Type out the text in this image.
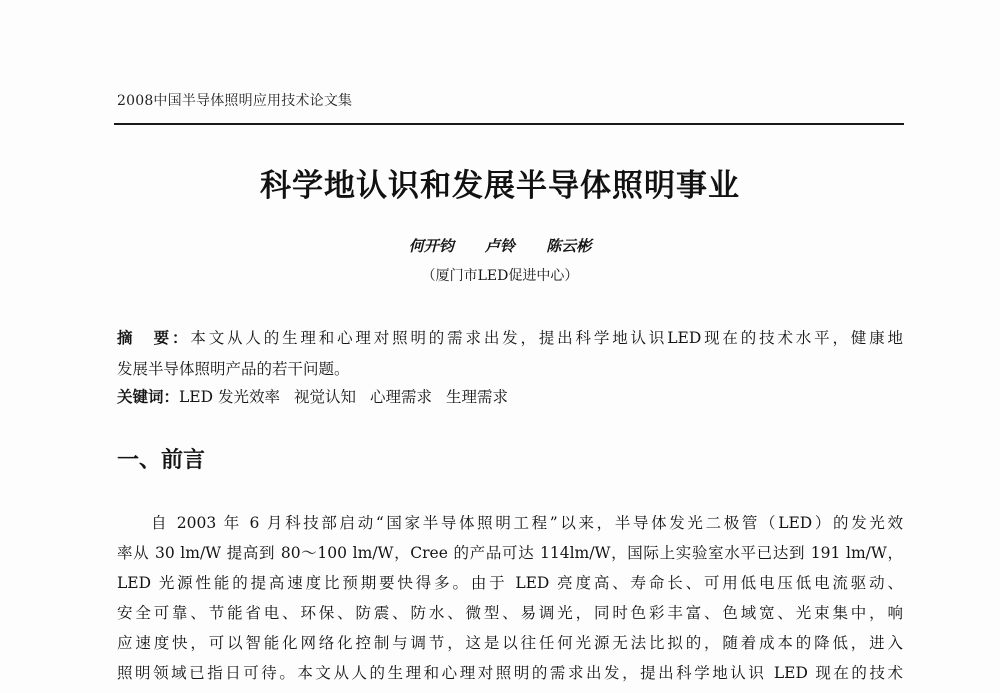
2008中国半导体照明应用技术论文集
科学地认识和发展半导体照明事业
何开钧 卢铃 陈云彬
（厦门市LED促进中心）

摘　要：本文从人的生理和心理对照明的需求出发，提出科学地认识LED现在的技术水平，健康地
发展半导体照明产品的若干问题。

关键词：LED 发光效率 视觉认知 心理需求 生理需求
一、前言

自 2003 年 6 月科技部启动“国家半导体照明工程”以来，半导体发光二极管（LED）的发光效
率从 30 lm/W 提高到 80～100 lm/W，Cree 的产品可达 114lm/W，国际上实验室水平已达到 191 lm/W，
LED 光源性能的提高速度比预期要快得多。由于 LED 亮度高、寿命长、可用低电压低电流驱动、
安全可靠、节能省电、环保、防震、防水、微型、易调光，同时色彩丰富、色域宽、光束集中，响
应速度快，可以智能化网络化控制与调节，这是以往任何光源无法比拟的，随着成本的降低，进入
照明领域已指日可待。本文从人的生理和心理对照明的需求出发，提出科学地认识 LED 现在的技术
